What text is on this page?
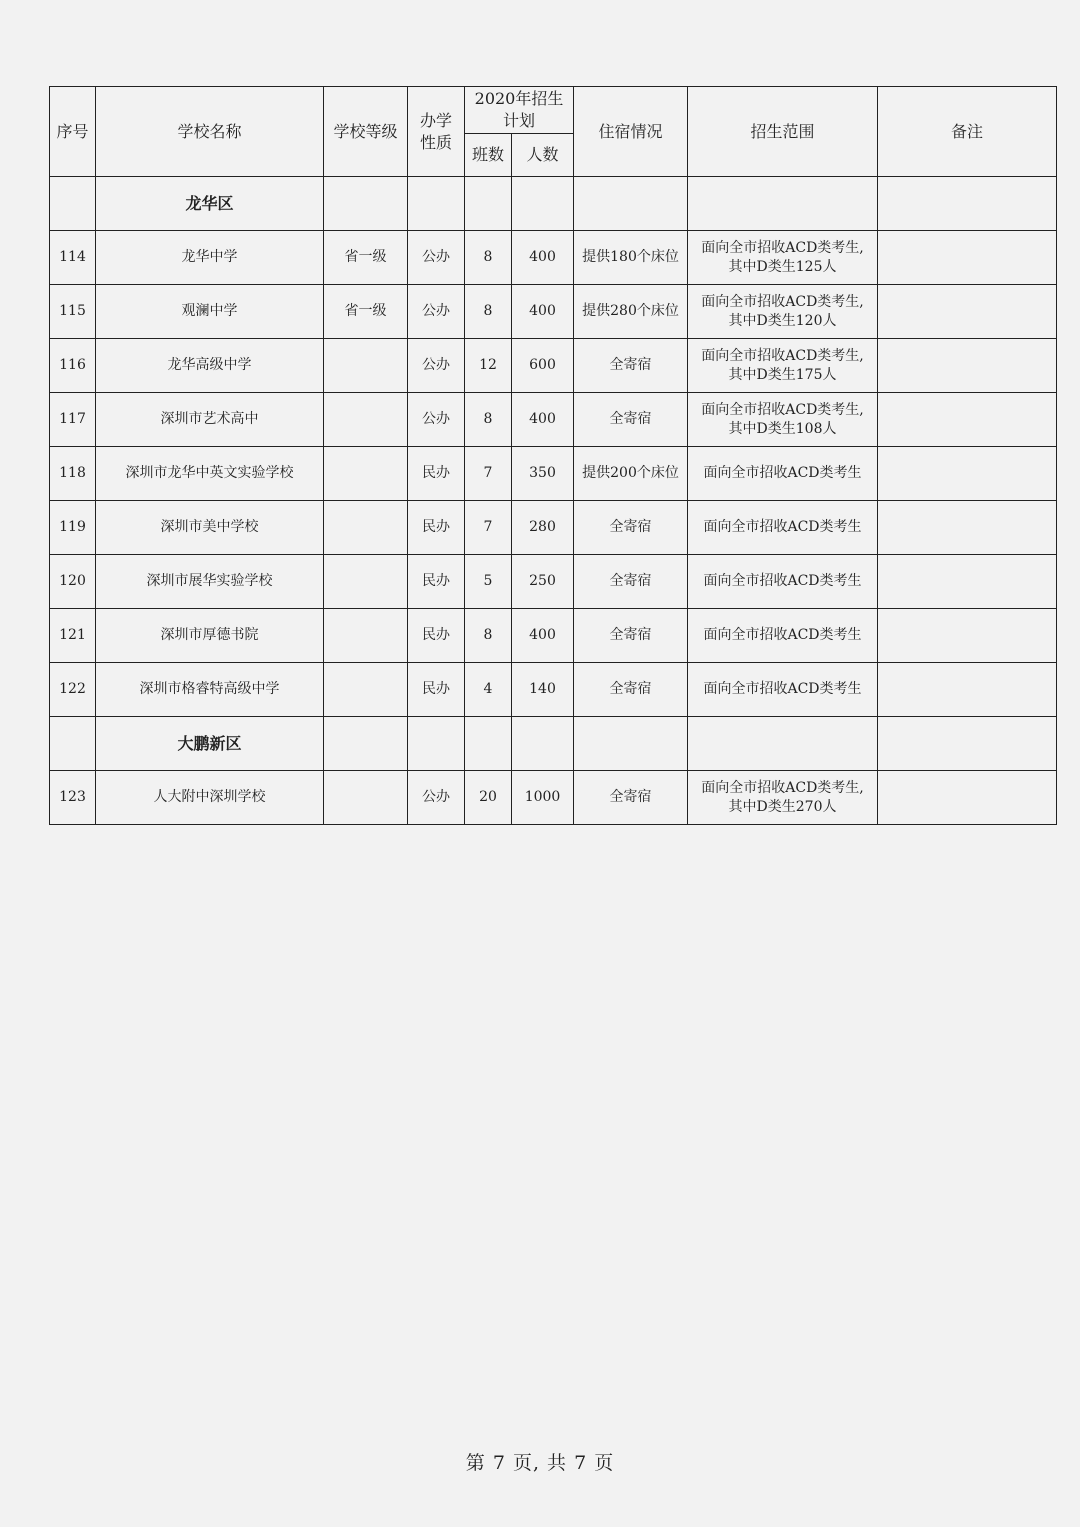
序号	学校名称	学校等级	办学性质	2020年招生计划		住宿情况	招生范围	备注
				班数	人数			
	龙华区							
114	龙华中学	省一级	公办	8	400	提供180个床位	面向全市招收ACD类考生,
其中D类生125人	

115	观澜中学	省一级	公办	8	400	提供280个床位	面向全市招收ACD类考生,
其中D类生120人	

116	龙华高级中学		公办	12	600	全寄宿	面向全市招收ACD类考生,
其中D类生175人	

117	深圳市艺术高中		公办	8	400	全寄宿	面向全市招收ACD类考生,
其中D类生108人	

118	深圳市龙华中英文实验学校		民办	7	350	提供200个床位	面向全市招收ACD类考生	

119	深圳市美中学校		民办	7	280	全寄宿	面向全市招收ACD类考生	

120	深圳市展华实验学校		民办	5	250	全寄宿	面向全市招收ACD类考生	

121	深圳市厚德书院		民办	8	400	全寄宿	面向全市招收ACD类考生	

122	深圳市格睿特高级中学		民办	4	140	全寄宿	面向全市招收ACD类考生	

	大鹏新区							
123	人大附中深圳学校		公办	20	1000	全寄宿	面向全市招收ACD类考生,
其中D类生270人	

第 7 页, 共 7 页
